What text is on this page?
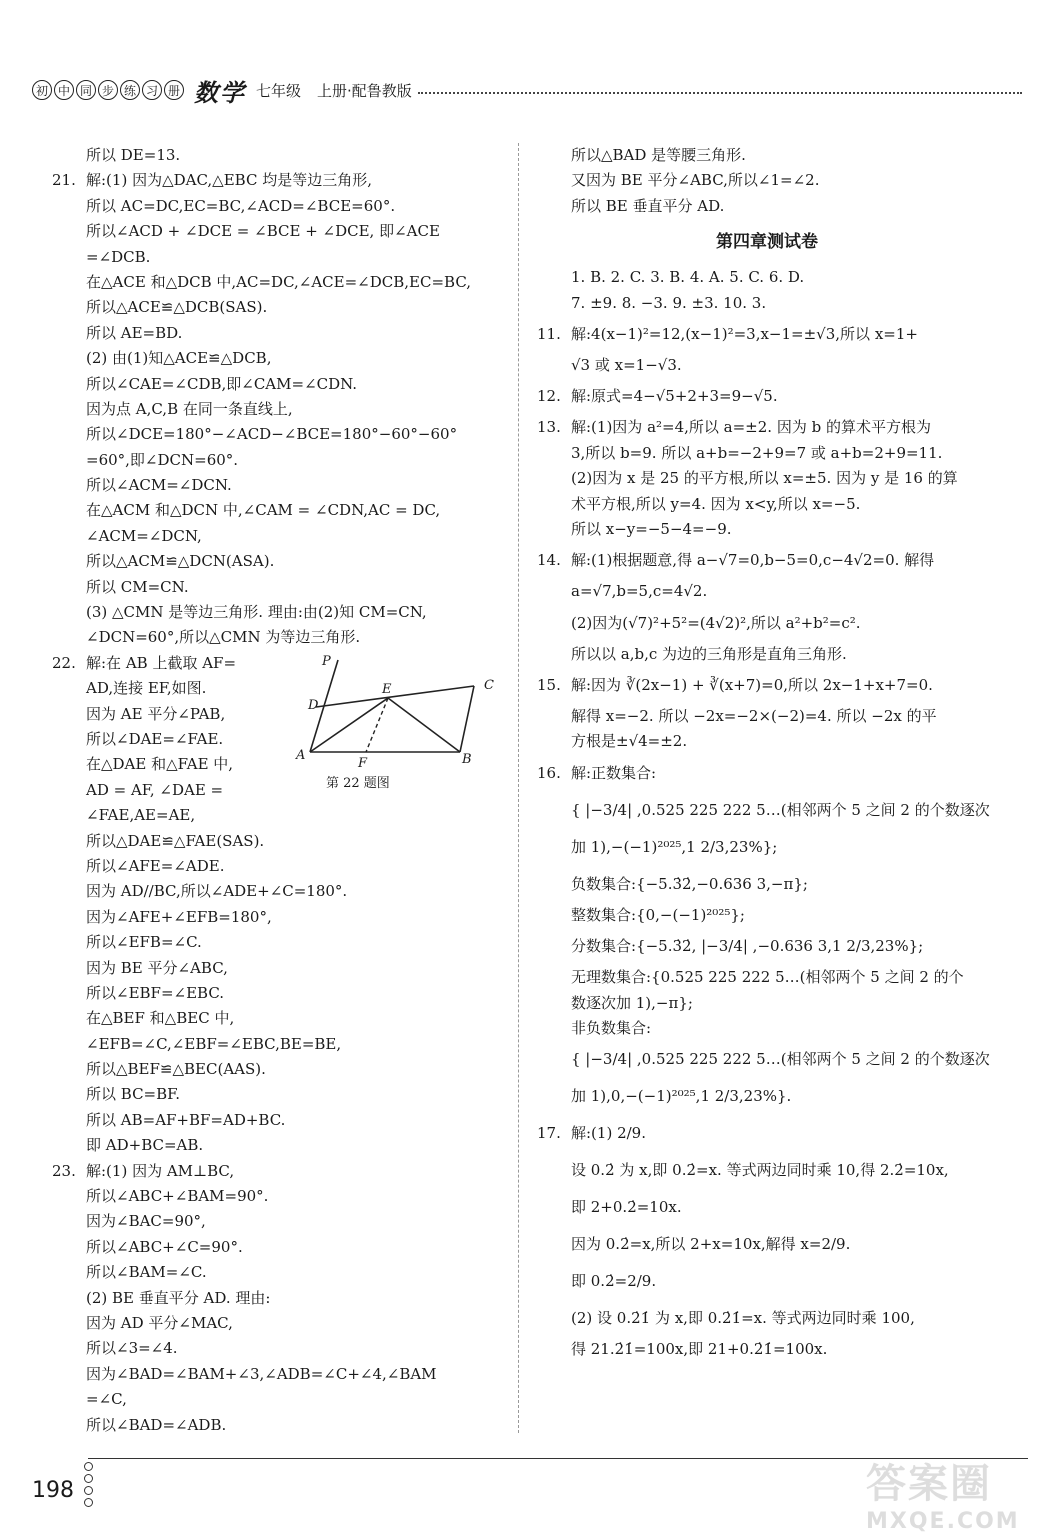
初 中 同 步 练 习 册 数学 七年级 上册·配鲁教版
所以 DE=13.
21. 解:(1) 因为△DAC,△EBC 均是等边三角形,
所以 AC=DC,EC=BC,∠ACD=∠BCE=60°.
所以∠ACD + ∠DCE = ∠BCE + ∠DCE, 即∠ACE
=∠DCB.
在△ACE 和△DCB 中,AC=DC,∠ACE=∠DCB,EC=BC,
所以△ACE≌△DCB(SAS).
所以 AE=BD.
(2) 由(1)知△ACE≌△DCB,
所以∠CAE=∠CDB,即∠CAM=∠CDN.
因为点 A,C,B 在同一条直线上,
所以∠DCE=180°−∠ACD−∠BCE=180°−60°−60°
=60°,即∠DCN=60°.
所以∠ACM=∠DCN.
在△ACM 和△DCN 中,∠CAM = ∠CDN,AC = DC,
∠ACM=∠DCN,
所以△ACM≌△DCN(ASA).
所以 CM=CN.
(3) △CMN 是等边三角形. 理由:由(2)知 CM=CN,
∠DCN=60°,所以△CMN 为等边三角形.
22. 解:在 AB 上截取 AF=
AD,连接 EF,如图.
因为 AE 平分∠PAB,
所以∠DAE=∠FAE.
在△DAE 和△FAE 中,
AD = AF, ∠DAE =
∠FAE,AE=AE,
所以△DAE≌△FAE(SAS).
所以∠AFE=∠ADE.
因为 AD//BC,所以∠ADE+∠C=180°.
因为∠AFE+∠EFB=180°,
所以∠EFB=∠C.
因为 BE 平分∠ABC,
所以∠EBF=∠EBC.
在△BEF 和△BEC 中,
∠EFB=∠C,∠EBF=∠EBC,BE=BE,
所以△BEF≌△BEC(AAS).
所以 BC=BF.
所以 AB=AF+BF=AD+BC.
即 AD+BC=AB.
23. 解:(1) 因为 AM⊥BC,
所以∠ABC+∠BAM=90°.
因为∠BAC=90°,
所以∠ABC+∠C=90°.
所以∠BAM=∠C.
(2) BE 垂直平分 AD. 理由:
因为 AD 平分∠MAC,
所以∠3=∠4.
因为∠BAD=∠BAM+∠3,∠ADB=∠C+∠4,∠BAM
=∠C,
所以∠BAD=∠ADB.
P
D
E	C
A
F	B
第 22 题图
所以△BAD 是等腰三角形.
又因为 BE 平分∠ABC,所以∠1=∠2.
所以 BE 垂直平分 AD.
第四章测试卷
1. B. 2. C. 3. B. 4. A. 5. C. 6. D.
7. ±9. 8. −3. 9. ±3. 10. 3.
11. 解:4(x−1)²=12,(x−1)²=3,x−1=±√3,所以 x=1+
√3 或 x=1−√3.
12. 解:原式=4−√5+2+3=9−√5.
13. 解:(1)因为 a²=4,所以 a=±2. 因为 b 的算术平方根为
3,所以 b=9. 所以 a+b=−2+9=7 或 a+b=2+9=11.
(2)因为 x 是 25 的平方根,所以 x=±5. 因为 y 是 16 的算
术平方根,所以 y=4. 因为 x<y,所以 x=−5.
所以 x−y=−5−4=−9.
14. 解:(1)根据题意,得 a−√7=0,b−5=0,c−4√2=0. 解得
a=√7,b=5,c=4√2.
(2)因为(√7)²+5²=(4√2)²,所以 a²+b²=c².
所以以 a,b,c 为边的三角形是直角三角形.
15. 解:因为 ∛(2x−1) + ∛(x+7)=0,所以 2x−1+x+7=0.
解得 x=−2. 所以 −2x=−2×(−2)=4. 所以 −2x 的平
方根是±√4=±2.
16. 解:正数集合:
{ |−3/4| ,0.525 225 222 5…(相邻两个 5 之间 2 的个数逐次
加 1),−(−1)²⁰²⁵,1 2/3,23%};
负数集合:{−5.3̇2̇,−0.636 3,−π};
整数集合:{0,−(−1)²⁰²⁵};
分数集合:{−5.3̇2̇, |−3/4| ,−0.636 3,1 2/3,23%};
无理数集合:{0.525 225 222 5…(相邻两个 5 之间 2 的个
数逐次加 1),−π};
非负数集合:
{ |−3/4| ,0.525 225 222 5…(相邻两个 5 之间 2 的个数逐次
加 1),0,−(−1)²⁰²⁵,1 2/3,23%}.
17. 解:(1) 2/9.
设 0.2̇ 为 x,即 0.2̇=x. 等式两边同时乘 10,得 2.2̇=10x,
即 2+0.2̇=10x.
因为 0.2̇=x,所以 2+x=10x,解得 x=2/9.
即 0.2̇=2/9.
(2) 设 0.2̇1̇ 为 x,即 0.2̇1̇=x. 等式两边同时乘 100,
得 21.2̇1̇=100x,即 21+0.2̇1̇=100x.
198	答案圈
MXQE.COM
